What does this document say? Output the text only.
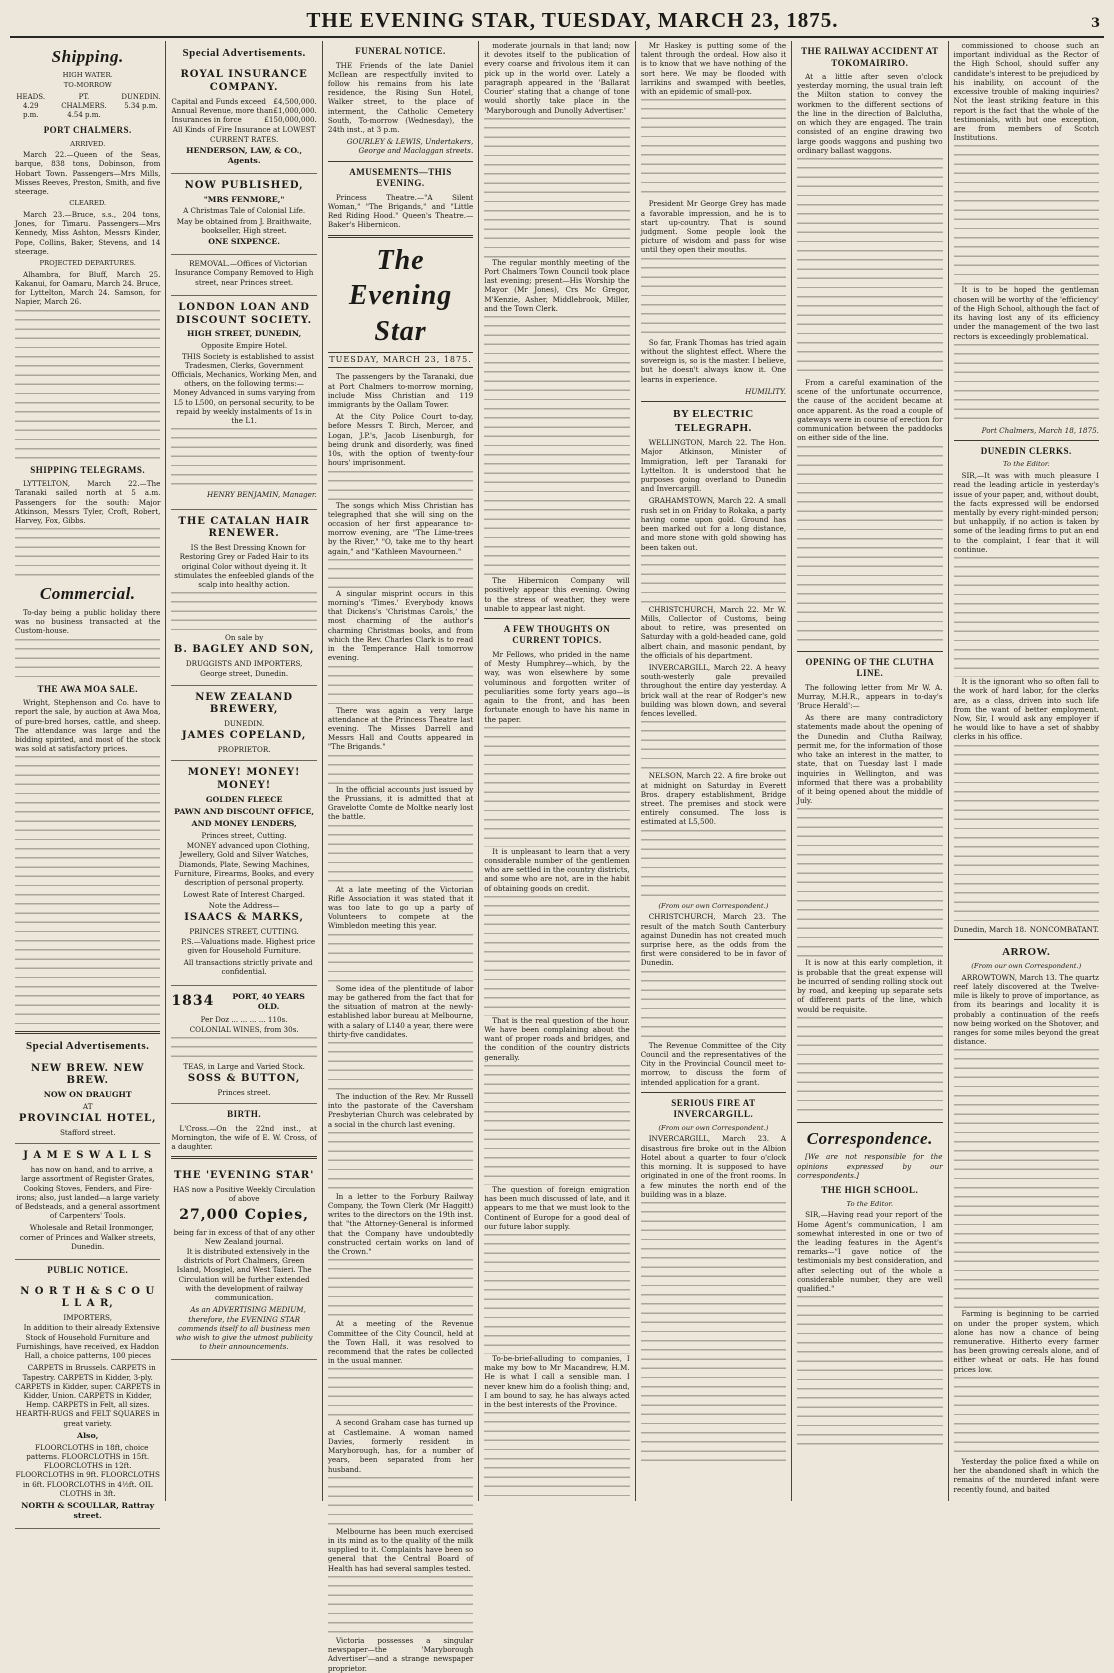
THE EVENING STAR, TUESDAY, MARCH 23, 1875.	3
Shipping.
HIGH WATER.
TO-MORROW
HEADS.
4.29 p.m.
PT. CHALMERS.
4.54 p.m.
DUNEDIN.
5.34 p.m.
PORT CHALMERS.
ARRIVED.

March 22.—Queen of the Seas, barque, 838 tons, Dobinson, from Hobart Town. Passengers—Mrs Mills, Misses Reeves, Preston, Smith, and five steerage.

CLEARED.

March 23.—Bruce, s.s., 204 tons, Jones, for Timaru. Passengers—Mrs Kennedy, Miss Ashton, Messrs Kinder, Pope, Collins, Baker, Stevens, and 14 steerage.

PROJECTED DEPARTURES.

Alhambra, for Bluff, March 25. Kakanui, for Oamaru, March 24. Bruce, for Lyttelton, March 24. Samson, for Napier, March 26.

SHIPPING TELEGRAMS.

LYTTELTON, March 22.—The Taranaki sailed north at 5 a.m. Passengers for the south: Major Atkinson, Messrs Tyler, Croft, Robert, Harvey, Fox, Gibbs.

Commercial.

To-day being a public holiday there was no business transacted at the Custom-house.

THE AWA MOA SALE.

Wright, Stephenson and Co. have to report the sale, by auction at Awa Moa, of pure-bred horses, cattle, and sheep. The attendance was large and the bidding spirited, and most of the stock was sold at satisfactory prices.

Special Advertisements.
NEW BREW. NEW BREW.
NOW ON DRAUGHT
AT
PROVINCIAL HOTEL,
Stafford street.
J A M E S W A L L S

has now on hand, and to arrive, a large assortment of Register Grates, Cooking Stoves, Fenders, and Fire-irons; also, just landed—a large variety of Bedsteads, and a general assortment of Carpenters' Tools.

Wholesale and Retail Ironmonger, corner of Princes and Walker streets, Dunedin.

PUBLIC NOTICE.
N O R T H & S C O U L L A R,
IMPORTERS,

In addition to their already Extensive Stock of Household Furniture and Furnishings, have received, ex Haddon Hall, a choice patterns, 100 pieces

CARPETS in Brussels. CARPETS in Tapestry. CARPETS in Kidder, 3-ply. CARPETS in Kidder, super. CARPETS in Kidder, Union. CARPETS in Kidder, Hemp. CARPETS in Felt, all sizes. HEARTH-RUGS and FELT SQUARES in great variety.

Also,

FLOORCLOTHS in 18ft, choice patterns. FLOORCLOTHS in 15ft. FLOORCLOTHS in 12ft. FLOORCLOTHS in 9ft. FLOORCLOTHS in 6ft. FLOORCLOTHS in 4½ft. OIL CLOTHS in 3ft.

NORTH & SCOULLAR, Rattray street.
Special Advertisements.
ROYAL INSURANCE COMPANY.
Capital and Funds exceed £4,500,000.
Annual Revenue, more than £1,000,000.
Insurances in force	£150,000,000.
All Kinds of Fire Insurance at LOWEST CURRENT RATES.
HENDERSON, LAW, & CO., Agents.
NOW PUBLISHED,
"MRS FENMORE,"
A Christmas Tale of Colonial Life.
May be obtained from J. Braithwaite, bookseller, High street.
ONE SIXPENCE.

REMOVAL.—Offices of Victorian Insurance Company Removed to High street, near Princes street.

LONDON LOAN AND DISCOUNT SOCIETY.
HIGH STREET, DUNEDIN,
Opposite Empire Hotel.

THIS Society is established to assist Tradesmen, Clerks, Government Officials, Mechanics, Working Men, and others, on the following terms:— Money Advanced in sums varying from L5 to L500, on personal security, to be repaid by weekly instalments of 1s in the L1.

HENRY BENJAMIN, Manager.
THE CATALAN HAIR RENEWER.

IS the Best Dressing Known for Restoring Grey or Faded Hair to its original Color without dyeing it. It stimulates the enfeebled glands of the scalp into healthy action.

On sale by
B. BAGLEY AND SON,
DRUGGISTS AND IMPORTERS,
George street, Dunedin.
NEW ZEALAND BREWERY,
DUNEDIN.
JAMES COPELAND,
PROPRIETOR.
MONEY! MONEY! MONEY!
GOLDEN FLEECE
PAWN AND DISCOUNT OFFICE,
AND MONEY LENDERS,
Princes street, Cutting.

MONEY advanced upon Clothing, Jewellery, Gold and Silver Watches, Diamonds, Plate, Sewing Machines, Furniture, Firearms, Books, and every description of personal property.

Lowest Rate of Interest Charged.
Note the Address—
ISAACS & MARKS,
PRINCES STREET, CUTTING.

P.S.—Valuations made. Highest price given for Household Furniture.

All transactions strictly private and confidential.

1834	PORT, 40 YEARS OLD.
Per Doz ... ... ... ... 110s.
COLONIAL WINES, from 30s.
TEAS, in Large and Varied Stock.
SOSS & BUTTON,
Princes street.
BIRTH.

L'Cross.—On the 22nd inst., at Mornington, the wife of E. W. Cross, of a daughter.

THE 'EVENING STAR'
HAS now a Positive Weekly Circulation of above
27,000 Copies,
being far in excess of that of any other New Zealand journal.

It is distributed extensively in the districts of Port Chalmers, Green Island, Mosgiel, and West Taieri. The Circulation will be further extended with the development of railway communication.

As an ADVERTISING MEDIUM, therefore, the EVENING STAR commends itself to all business men who wish to give the utmost publicity to their announcements.

FUNERAL NOTICE.

THE Friends of the late Daniel McIlean are respectfully invited to follow his remains from his late residence, the Rising Sun Hotel, Walker street, to the place of interment, the Catholic Cemetery South, To-morrow (Wednesday), the 24th inst., at 3 p.m.

GOURLEY & LEWIS, Undertakers, George and Maclaggan streets.
AMUSEMENTS—THIS EVENING.

Princess Theatre.—"A Silent Woman," "The Brigands," and "Little Red Riding Hood." Queen's Theatre.—Baker's Hibernicon.

The Evening Star
TUESDAY, MARCH 23, 1875.

The passengers by the Taranaki, due at Port Chalmers to-morrow morning, include Miss Christian and 119 immigrants by the Oallam Tower.

At the City Police Court to-day, before Messrs T. Birch, Mercer, and Logan, J.P.'s, Jacob Lisenburgh, for being drunk and disorderly, was fined 10s, with the option of twenty-four hours' imprisonment.

The songs which Miss Christian has telegraphed that she will sing on the occasion of her first appearance to-morrow evening, are "The Lime-trees by the River," "O, take me to thy heart again," and "Kathleen Mavourneen."

A singular misprint occurs in this morning's 'Times.' Everybody knows that Dickens's 'Christmas Carols,' the most charming of the author's charming Christmas books, and from which the Rev. Charles Clark is to read in the Temperance Hall tomorrow evening.

There was again a very large attendance at the Princess Theatre last evening. The Misses Darrell and Messrs Hall and Coutts appeared in "The Brigands."

In the official accounts just issued by the Prussians, it is admitted that at Gravelotte Comte de Moltke nearly lost the battle.

At a late meeting of the Victorian Rifle Association it was stated that it was too late to go up a party of Volunteers to compete at the Wimbledon meeting this year.

Some idea of the plentitude of labor may be gathered from the fact that for the situation of matron at the newly-established labor bureau at Melbourne, with a salary of L140 a year, there were thirty-five candidates.

The induction of the Rev. Mr Russell into the pastorate of the Caversham Presbyterian Church was celebrated by a social in the church last evening.

In a letter to the Forbury Railway Company, the Town Clerk (Mr Haggitt) writes to the directors on the 19th inst. that "the Attorney-General is informed that the Company have undoubtedly constructed certain works on land of the Crown."

At a meeting of the Revenue Committee of the City Council, held at the Town Hall, it was resolved to recommend that the rates be collected in the usual manner.

A second Graham case has turned up at Castlemaine. A woman named Davies, formerly resident in Maryborough, has, for a number of years, been separated from her husband.

Melbourne has been much exercised in its mind as to the quality of the milk supplied to it. Complaints have been so general that the Central Board of Health has had several samples tested.

Victoria possesses a singular newspaper—the 'Maryborough Advertiser'—and a strange newspaper proprietor.

moderate journals in that land; now it devotes itself to the publication of every coarse and frivolous item it can pick up in the world over. Lately a paragraph appeared in the 'Ballarat Courier' stating that a change of tone would shortly take place in the 'Maryborough and Dunolly Advertiser.'

The regular monthly meeting of the Port Chalmers Town Council took place last evening; present—His Worship the Mayor (Mr Jones), Crs Mc Gregor, M'Kenzie, Asher, Middlebrook, Miller, and the Town Clerk.

The Hibernicon Company will positively appear this evening. Owing to the stress of weather, they were unable to appear last night.

A FEW THOUGHTS ON CURRENT TOPICS.

Mr Fellows, who prided in the name of Mesty Humphrey—which, by the way, was won elsewhere by some voluminous and forgotten writer of peculiarities some forty years ago—is again to the front, and has been fortunate enough to have his name in the paper.

It is unpleasant to learn that a very considerable number of the gentlemen who are settled in the country districts, and some who are not, are in the habit of obtaining goods on credit.

That is the real question of the hour. We have been complaining about the want of proper roads and bridges, and the condition of the country districts generally.

The question of foreign emigration has been much discussed of late, and it appears to me that we must look to the Continent of Europe for a good deal of our future labor supply.

To-be-brief-alluding to companies, I make my bow to Mr Macandrew, H.M. He is what I call a sensible man. I never knew him do a foolish thing; and, I am bound to say, he has always acted in the best interests of the Province.

Mr Haskey is putting some of the talent through the ordeal. How also it is to know that we have nothing of the sort here. We may be flooded with larrikins and swamped with beetles, with an epidemic of small-pox.

President Mr George Grey has made a favorable impression, and he is to start up-country. That is sound judgment. Some people look the picture of wisdom and pass for wise until they open their mouths.

So far, Frank Thomas has tried again without the slightest effect. Where the sovereign is, so is the master. I believe, but he doesn't always know it. One learns in experience.

HUMILITY.
BY ELECTRIC TELEGRAPH.

WELLINGTON, March 22. The Hon. Major Atkinson, Minister of Immigration, left per Taranaki for Lyttelton. It is understood that he purposes going overland to Dunedin and Invercargill.

GRAHAMSTOWN, March 22. A small rush set in on Friday to Rokaka, a party having come upon gold. Ground has been marked out for a long distance, and more stone with gold showing has been taken out.

CHRISTCHURCH, March 22. Mr W. Mills, Collector of Customs, being about to retire, was presented on Saturday with a gold-headed cane, gold albert chain, and masonic pendant, by the officials of his department.

INVERCARGILL, March 22. A heavy south-westerly gale prevailed throughout the entire day yesterday. A brick wall at the rear of Rodger's new building was blown down, and several fences levelled.

NELSON, March 22. A fire broke out at midnight on Saturday in Everett Bros. drapery establishment, Bridge street. The premises and stock were entirely consumed. The loss is estimated at L5,500.

(From our own Correspondent.)

CHRISTCHURCH, March 23. The result of the match South Canterbury against Dunedin has not created much surprise here, as the odds from the first were considered to be in favor of Dunedin.

The Revenue Committee of the City Council and the representatives of the City in the Provincial Council meet to-morrow, to discuss the form of intended application for a grant.

SERIOUS FIRE AT INVERCARGILL.
(From our own Correspondent.)

INVERCARGILL, March 23. A disastrous fire broke out in the Albion Hotel about a quarter to four o'clock this morning. It is supposed to have originated in one of the front rooms. In a few minutes the north end of the building was in a blaze.

THE RAILWAY ACCIDENT AT TOKOMAIRIRO.

At a little after seven o'clock yesterday morning, the usual train left the Milton station to convey the workmen to the different sections of the line in the direction of Balclutha, on which they are engaged. The train consisted of an engine drawing two large goods waggons and pushing two ordinary ballast waggons.

From a careful examination of the scene of the unfortunate occurrence, the cause of the accident became at once apparent. As the road a couple of gateways were in course of erection for communication between the paddocks on either side of the line.

OPENING OF THE CLUTHA LINE.

The following letter from Mr W. A. Murray, M.H.R., appears in to-day's 'Bruce Herald':—

As there are many contradictory statements made about the opening of the Dunedin and Clutha Railway, permit me, for the information of those who take an interest in the matter, to state, that on Tuesday last I made inquiries in Wellington, and was informed that there was a probability of it being opened about the middle of July.

It is now at this early completion, it is probable that the great expense will be incurred of sending rolling stock out by road, and keeping up separate sets of different parts of the line, which would be requisite.

Correspondence.

[We are not responsible for the opinions expressed by our correspondents.]

THE HIGH SCHOOL.
To the Editor.

SIR,—Having read your report of the Home Agent's communication, I am somewhat interested in one or two of the leading features in the Agent's remarks—"I gave notice of the testimonials my best consideration, and after selecting out of the whole a considerable number, they are well qualified."

commissioned to choose such an important individual as the Rector of the High School, should suffer any candidate's interest to be prejudiced by his inability, on account of the excessive trouble of making inquiries? Not the least striking feature in this report is the fact that the whole of the testimonials, with but one exception, are from members of Scotch Institutions.

It is to be hoped the gentleman chosen will be worthy of the 'efficiency' of the High School, although the fact of its having lost any of its efficiency under the management of the two last rectors is exceedingly problematical.

Port Chalmers, March 18, 1875.
DUNEDIN CLERKS.
To the Editor.

SIR,—It was with much pleasure I read the leading article in yesterday's issue of your paper, and, without doubt, the facts expressed will be endorsed mentally by every right-minded person; but unhappily, if no action is taken by some of the leading firms to put an end to the complaint, I fear that it will continue.

It is the ignorant who so often fall to the work of hard labor, for the clerks are, as a class, driven into such life from the want of better employment. Now, Sir, I would ask any employer if he would like to have a set of shabby clerks in his office.

Dunedin, March 18. NONCOMBATANT.
ARROW.
(From our own Correspondent.)

ARROWTOWN, March 13. The quartz reef lately discovered at the Twelve-mile is likely to prove of importance, as from its bearings and locality it is probably a continuation of the reefs now being worked on the Shotover, and ranges for some miles beyond the great distance.

Farming is beginning to be carried on under the proper system, which alone has now a chance of being remunerative. Hitherto every farmer has been growing cereals alone, and of either wheat or oats. He has found prices low.

Yesterday the police fixed a while on her the abandoned shaft in which the remains of the murdered infant were recently found, and baited
